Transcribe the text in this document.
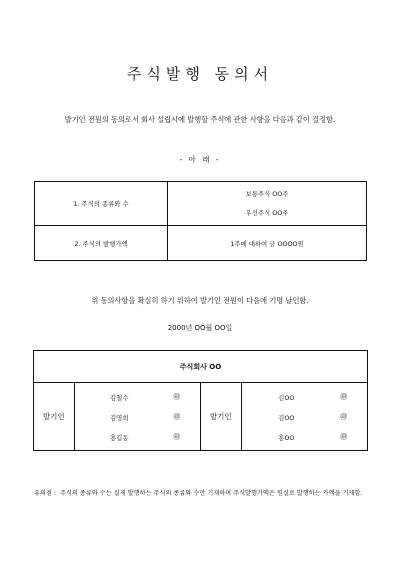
주식발행 동의서
발기인 전원의 동의로서 회사 설립시에 발행할 주식에 관한 사항을 다음과 같이 결정함.
- 아 래 -
1. 주식의 종류와 수	보통주식 OO주
우선주식 OO주

2. 주식의 발행가액	1주에 대하여 금 OOOO원
위 동의사항을 확실히 하기 위하여 발기인 전원이 다음에 기명 날인함.
2000년 OO월 OO일
주식회사 OO
발기인	
김철수	㊞
김영희	㊞
홍길동	㊞
	발기인	
김OO	㊞
김OO	㊞
홍OO	㊞
유의점 : 주식의 종류와 수는 실제 발행하는 주식의 종류와 수만 기재하며 주식발행가액은 원실로 발행하는 가액을 기재함.
